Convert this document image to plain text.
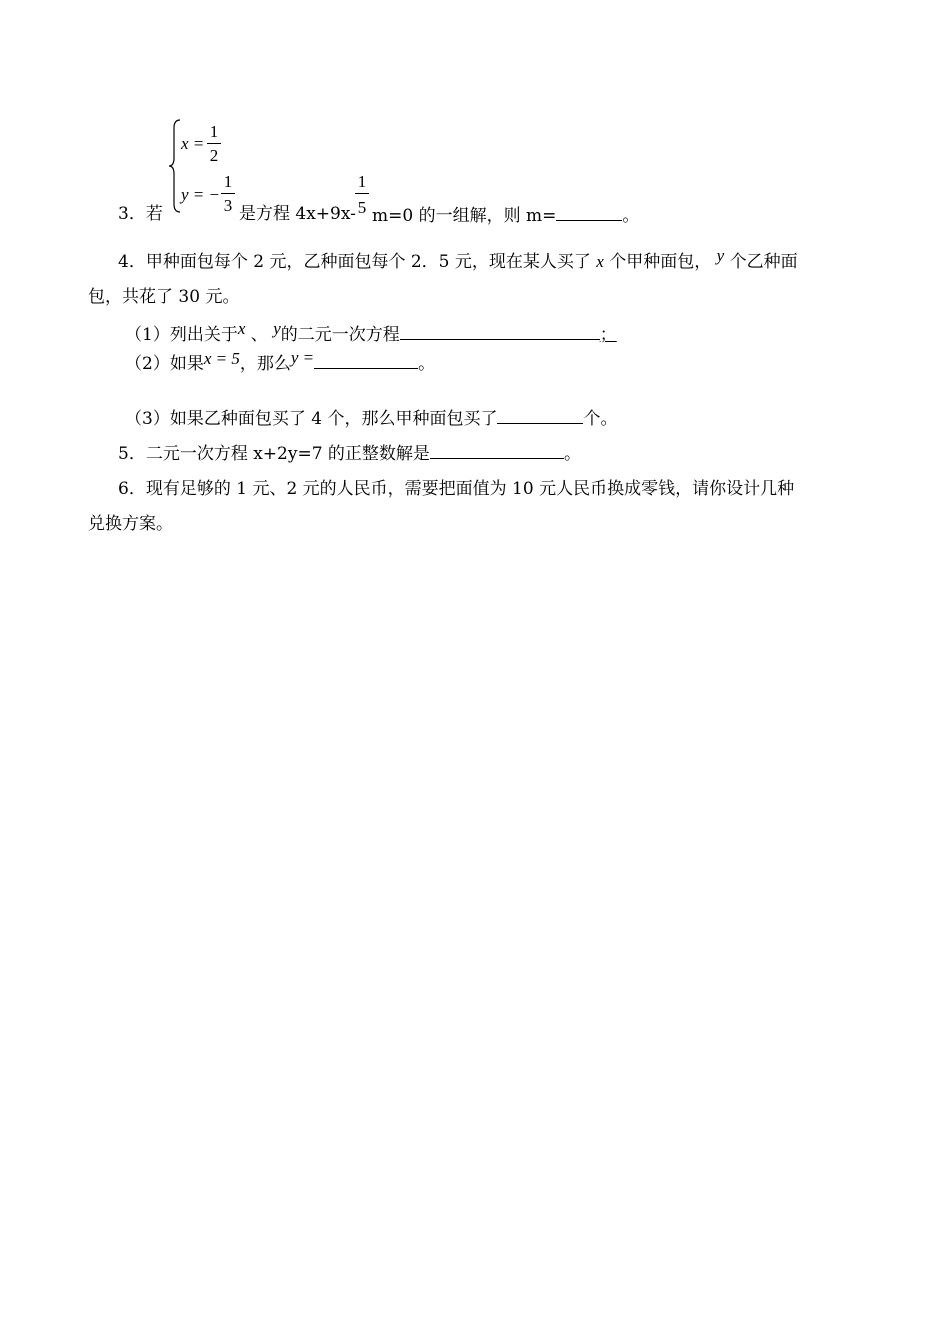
x =
1
2
y = −
1
3
3．若	是方程 4x+9x-
1
5 m=0 的一组解，则 m=	。
4．甲种面包每个 2 元，乙种面包每个 2．5 元，现在某人买了 x 个甲种面包， y 个乙种面
包，共花了 30 元。
（1）列出关于x 、 y的二元一次方程	；
（2）如果x = 5，那么y =	。
（3）如果乙种面包买了 4 个，那么甲种面包买了	个。
5．二元一次方程 x+2y=7 的正整数解是	。
6．现有足够的 1 元、2 元的人民币，需要把面值为 10 元人民币换成零钱，请你设计几种
兑换方案。
